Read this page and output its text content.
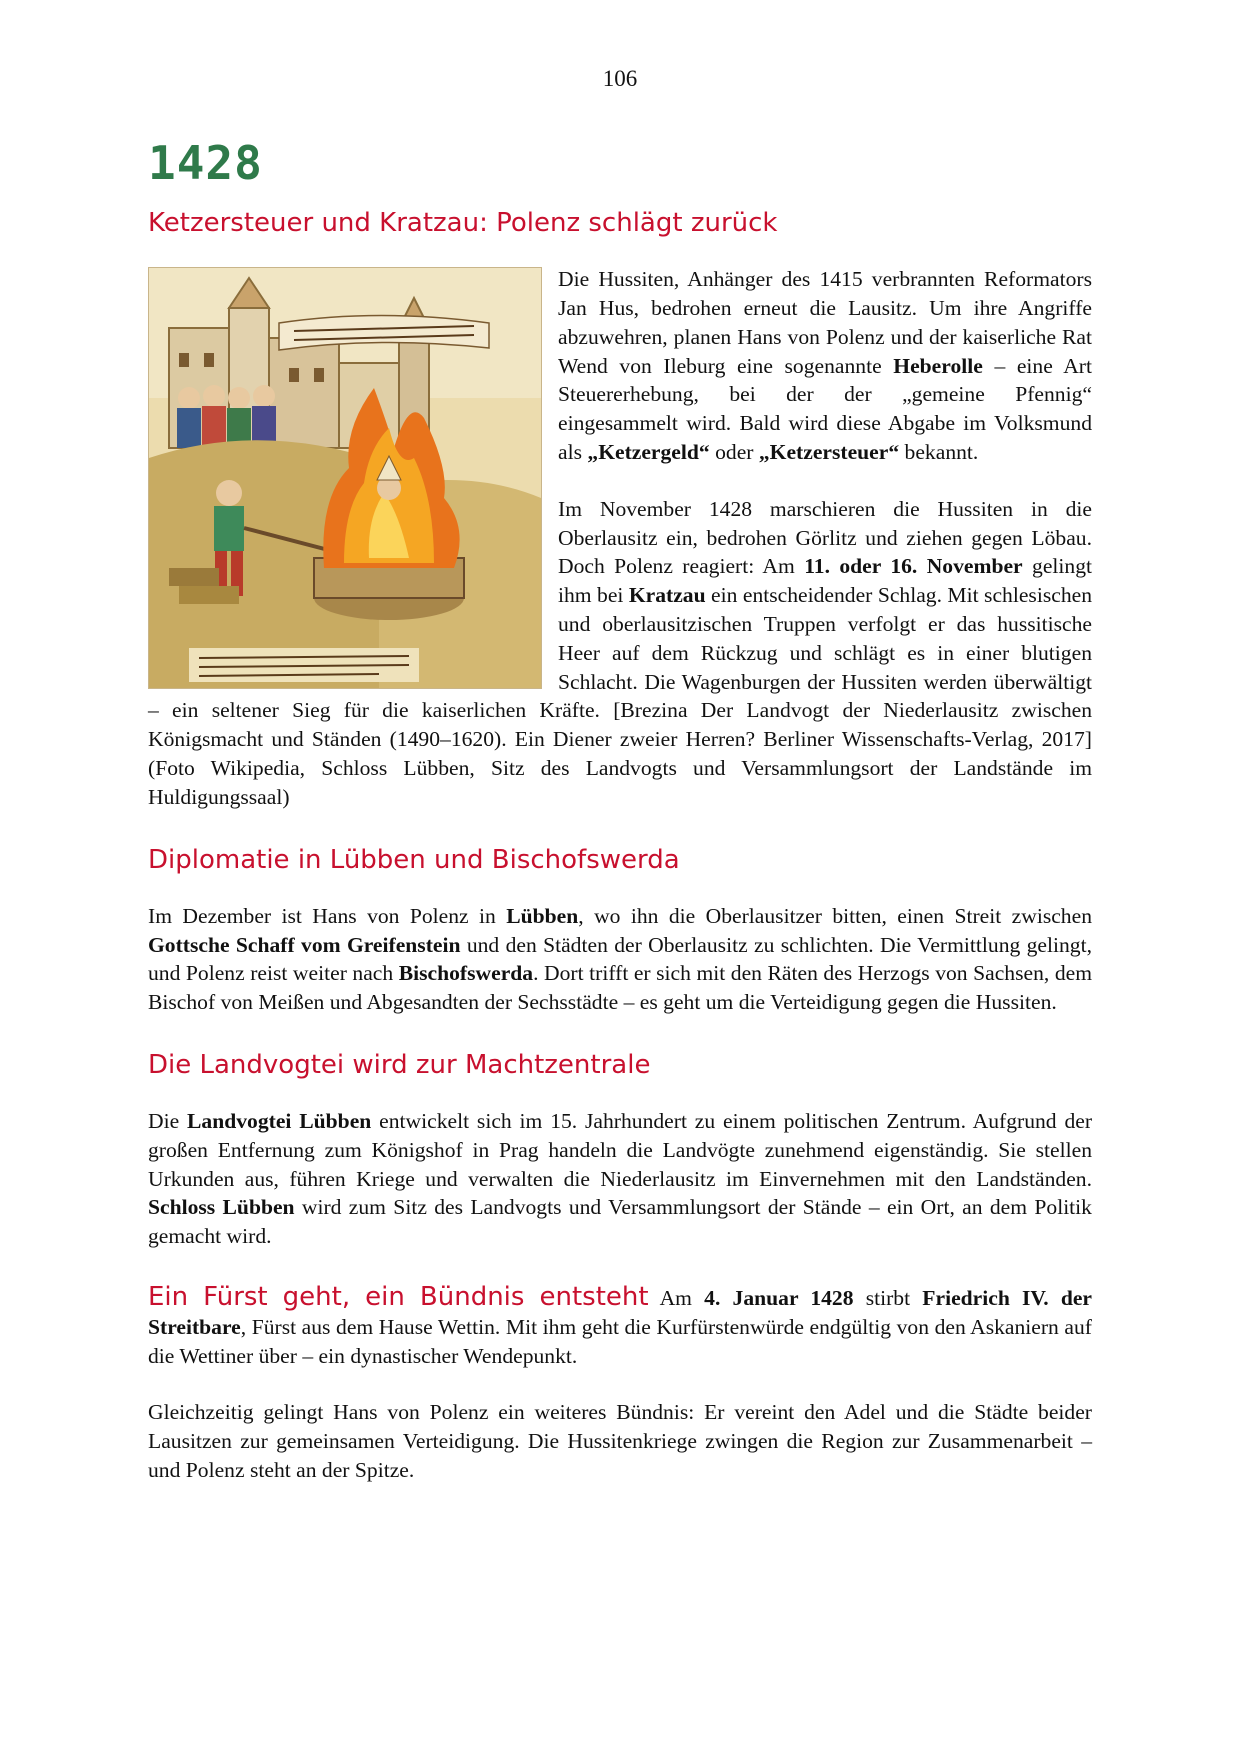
106
1428
Ketzersteuer und Kratzau: Polenz schlägt zurück

Die Hussiten, Anhänger des 1415 verbrannten Reformators Jan Hus, bedrohen erneut die Lausitz. Um ihre Angriffe abzuwehren, planen Hans von Polenz und der kaiserliche Rat Wend von Ileburg eine sogenannte Heberolle – eine Art Steuererhebung, bei der der „gemeine Pfennig“ eingesammelt wird. Bald wird diese Abgabe im Volksmund als „Ketzergeld“ oder „Ketzersteuer“ bekannt.

Im November 1428 marschieren die Hussiten in die Oberlausitz ein, bedrohen Görlitz und ziehen gegen Löbau. Doch Polenz reagiert: Am 11. oder 16. November gelingt ihm bei Kratzau ein entscheidender Schlag. Mit schlesischen und oberlausitzischen Truppen verfolgt er das hussitische Heer auf dem Rückzug und schlägt es in einer blutigen Schlacht. Die Wagenburgen der Hussiten werden überwältigt – ein seltener Sieg für die kaiserlichen Kräfte. [Brezina Der Landvogt der Niederlausitz zwischen Königsmacht und Ständen (1490–1620). Ein Diener zweier Herren? Berliner Wissenschafts-Verlag, 2017] (Foto Wikipedia, Schloss Lübben, Sitz des Landvogts und Versammlungsort der Landstände im Huldigungssaal)

Diplomatie in Lübben und Bischofswerda

Im Dezember ist Hans von Polenz in Lübben, wo ihn die Oberlausitzer bitten, einen Streit zwischen Gottsche Schaff vom Greifenstein und den Städten der Oberlausitz zu schlichten. Die Vermittlung gelingt, und Polenz reist weiter nach Bischofswerda. Dort trifft er sich mit den Räten des Herzogs von Sachsen, dem Bischof von Meißen und Abgesandten der Sechsstädte – es geht um die Verteidigung gegen die Hussiten.

Die Landvogtei wird zur Machtzentrale

Die Landvogtei Lübben entwickelt sich im 15. Jahrhundert zu einem politischen Zentrum. Aufgrund der großen Entfernung zum Königshof in Prag handeln die Landvögte zunehmend eigenständig. Sie stellen Urkunden aus, führen Kriege und verwalten die Niederlausitz im Einvernehmen mit den Landständen. Schloss Lübben wird zum Sitz des Landvogts und Versammlungsort der Stände – ein Ort, an dem Politik gemacht wird.

Ein Fürst geht, ein Bündnis entsteht Am 4. Januar 1428 stirbt Friedrich IV. der Streitbare, Fürst aus dem Hause Wettin. Mit ihm geht die Kurfürstenwürde endgültig von den Askaniern auf die Wettiner über – ein dynastischer Wendepunkt.

Gleichzeitig gelingt Hans von Polenz ein weiteres Bündnis: Er vereint den Adel und die Städte beider Lausitzen zur gemeinsamen Verteidigung. Die Hussitenkriege zwingen die Region zur Zusammenarbeit – und Polenz steht an der Spitze.
